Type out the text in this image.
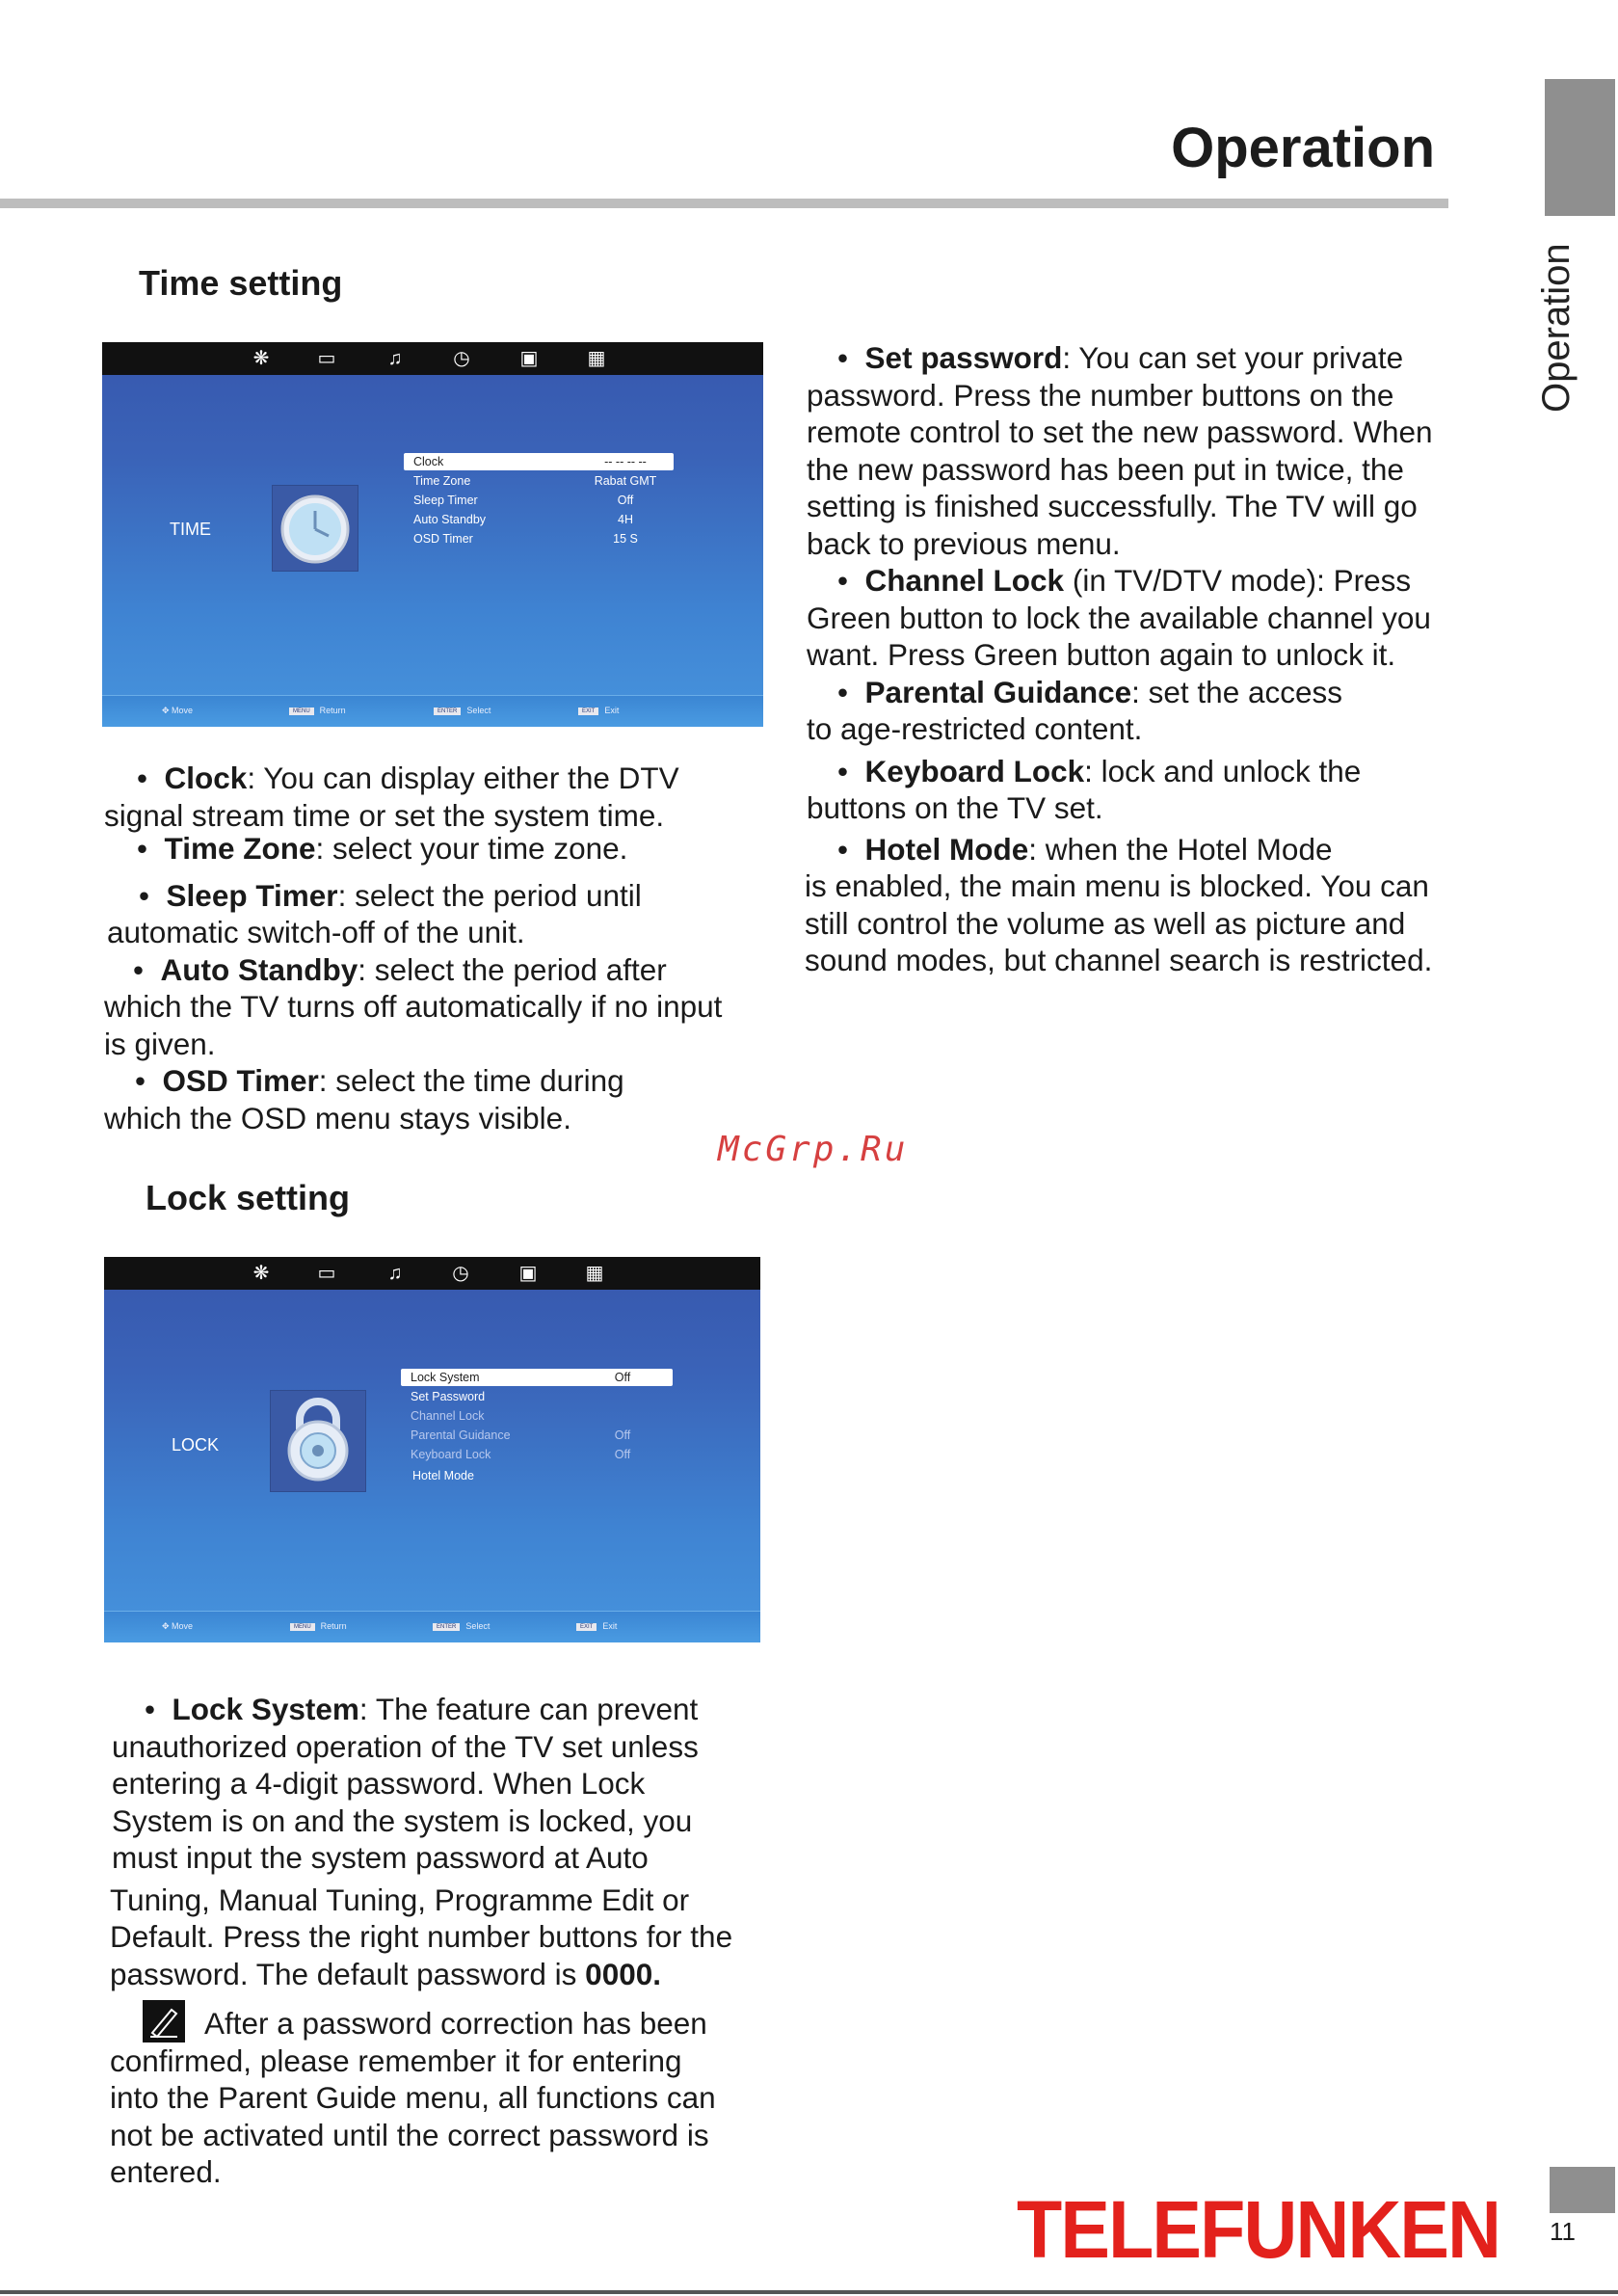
Operation
Operation
McGrp.Ru
Time setting
❋	▭	♫	◷	▣	▦
TIME
Clock	-- -- -- --
Time Zone	Rabat GMT
Sleep Timer	Off
Auto Standby	4H
OSD Timer	15 S
✥ Move	MENU Return	ENTER Select	EXIT Exit
•  Clock: You can display either the DTV
signal stream time or set the system time.
•  Time Zone: select your time zone.
•  Sleep Timer: select the period until
automatic switch-off of the unit.
•  Auto Standby: select the period after
which the TV turns off automatically if no input
is given.
•  OSD Timer: select the time during
which the OSD menu stays visible.
Lock setting
❋	▭	♫	◷	▣	▦
LOCK
Lock System	Off
Set Password
Channel Lock
Parental Guidance	Off
Keyboard Lock	Off
Hotel Mode
✥ Move	MENU Return	ENTER Select	EXIT Exit
•  Lock System: The feature can prevent
unauthorized operation of the TV set unless
entering a 4-digit password. When Lock
System is on and the system is locked, you
must input the system password at Auto
Tuning, Manual Tuning, Programme Edit or
Default. Press the right number buttons for the
password. The default password is 0000.
After a password correction has been
confirmed, please remember it for entering
into the Parent Guide menu, all functions can
not be activated until the correct password is
entered.
•  Set password: You can set your private
password. Press the number buttons on the
remote control to set the new password. When
the new password has been put in twice, the
setting is finished successfully. The TV will go
back to previous menu.
•  Channel Lock (in TV/DTV mode): Press
Green button to lock the available channel you
want. Press Green button again to unlock it.
•  Parental Guidance: set the access
to age-restricted content.
•  Keyboard Lock: lock and unlock the
buttons on the TV set.
•  Hotel Mode: when the Hotel Mode
is enabled, the main menu is blocked. You can
still control the volume as well as picture and
sound modes, but channel search is restricted.
TELEFUNKEN 11
